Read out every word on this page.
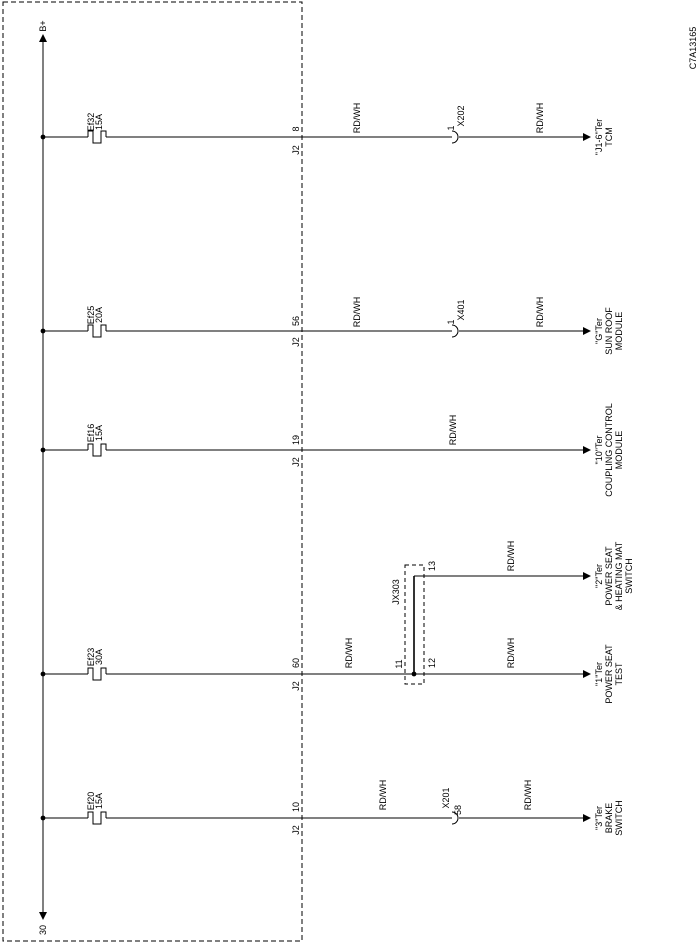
B+
30
C7A13165
Ef32
15A
J2
8	RD/WH	1
X202	RD/WH
"J1-6"Ter TCM
Ef25
20A
J2
56	RD/WH	1
X401	RD/WH
"G"Ter SUN ROOF MODULE
Ef16
15A
J2
19	RD/WH
"10"Ter COUPLING CONTROL MODULE
Ef23
30A
J2
60	RD/WH	RD/WH
"1"Ter POWER SEAT TEST
JX303
11	12
13	RD/WH
"2"Ter POWER SEAT & HEATING MAT SWITCH
Ef20
15A
J2
10	RD/WH	X201
58	RD/WH
"3"Ter BRAKE SWITCH
